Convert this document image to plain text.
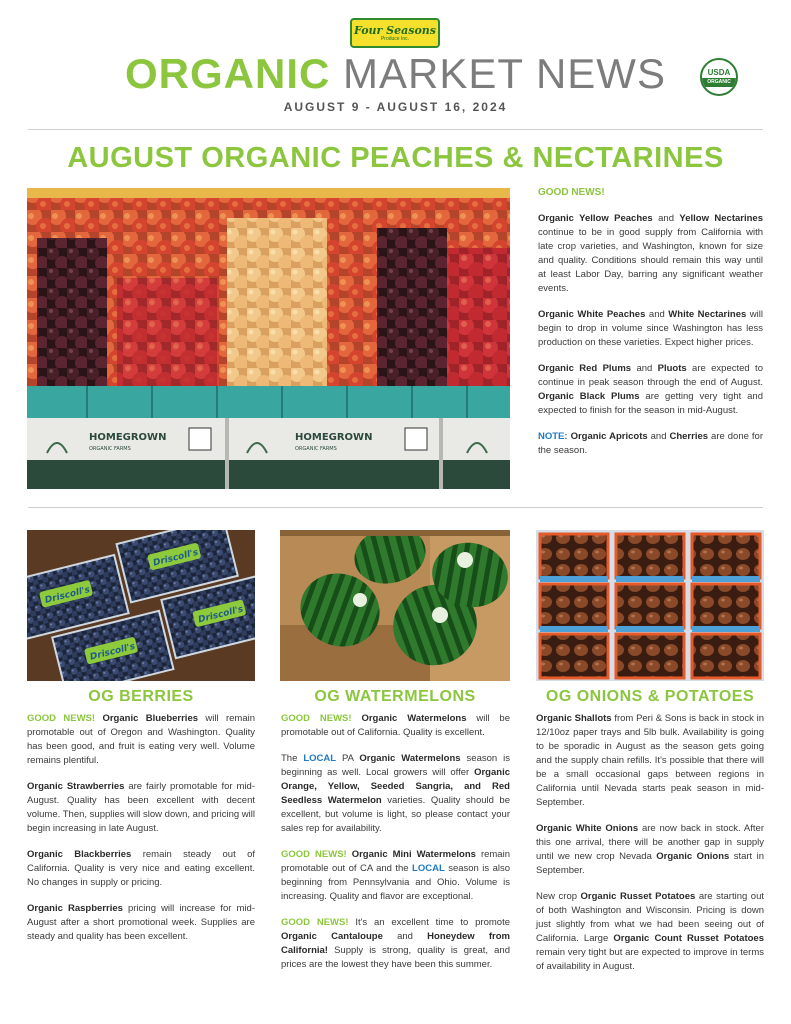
Four Seasons
Produce Inc.
ORGANIC MARKET NEWS	USDA
ORGANIC
AUGUST 9 - AUGUST 16, 2024
AUGUST ORGANIC PEACHES & NECTARINES
HOMEGROWN
ORGANIC FARMS
HOMEGROWN
ORGANIC FARMS
GOOD NEWS!

Organic Yellow Peaches and Yellow Nectarines continue to be in good supply from California with late crop varieties, and Washington, known for size and quality. Conditions should remain this way until at least Labor Day, barring any significant weather events.

Organic White Peaches and White Nectarines will begin to drop in volume since Washington has less production on these varieties. Expect higher prices.

Organic Red Plums and Pluots are expected to continue in peak season through the end of August. Organic Black Plums are getting very tight and expected to finish for the season in mid-August.

NOTE: Organic Apricots and Cherries are done for the season.

Driscoll's
Driscoll's
Driscoll's
Driscoll's
OG BERRIES	OG WATERMELONS	OG ONIONS & POTATOES

GOOD NEWS! Organic Blueberries will remain promotable out of Oregon and Washington. Quality has been good, and fruit is eating very well. Volume remains plentiful.

Organic Strawberries are fairly promotable for mid-August. Quality has been excellent with decent volume. Then, supplies will slow down, and pricing will begin increasing in late August.

Organic Blackberries remain steady out of California. Quality is very nice and eating excellent. No changes in supply or pricing.

Organic Raspberries pricing will increase for mid-August after a short promotional week. Supplies are steady and quality has been excellent.

GOOD NEWS! Organic Watermelons will be promotable out of California. Quality is excellent.

The LOCAL PA Organic Watermelons season is beginning as well. Local growers will offer Organic Orange, Yellow, Seeded Sangria, and Red Seedless Watermelon varieties. Quality should be excellent, but volume is light, so please contact your sales rep for availability.

GOOD NEWS! Organic Mini Watermelons remain promotable out of CA and the LOCAL season is also beginning from Pennsylvania and Ohio. Volume is increasing. Quality and flavor are exceptional.

GOOD NEWS! It's an excellent time to promote Organic Cantaloupe and Honeydew from California! Supply is strong, quality is great, and prices are the lowest they have been this summer.

Organic Shallots from Peri & Sons is back in stock in 12/10oz paper trays and 5lb bulk. Availability is going to be sporadic in August as the season gets going and the supply chain refills. It's possible that there will be a small occasional gaps between regions in California until Nevada starts peak season in mid-September.

Organic White Onions are now back in stock. After this one arrival, there will be another gap in supply until we new crop Nevada Organic Onions start in September.

New crop Organic Russet Potatoes are starting out of both Washington and Wisconsin. Pricing is down just slightly from what we had been seeing out of California. Large Organic Count Russet Potatoes remain very tight but are expected to improve in terms of availability in August.
